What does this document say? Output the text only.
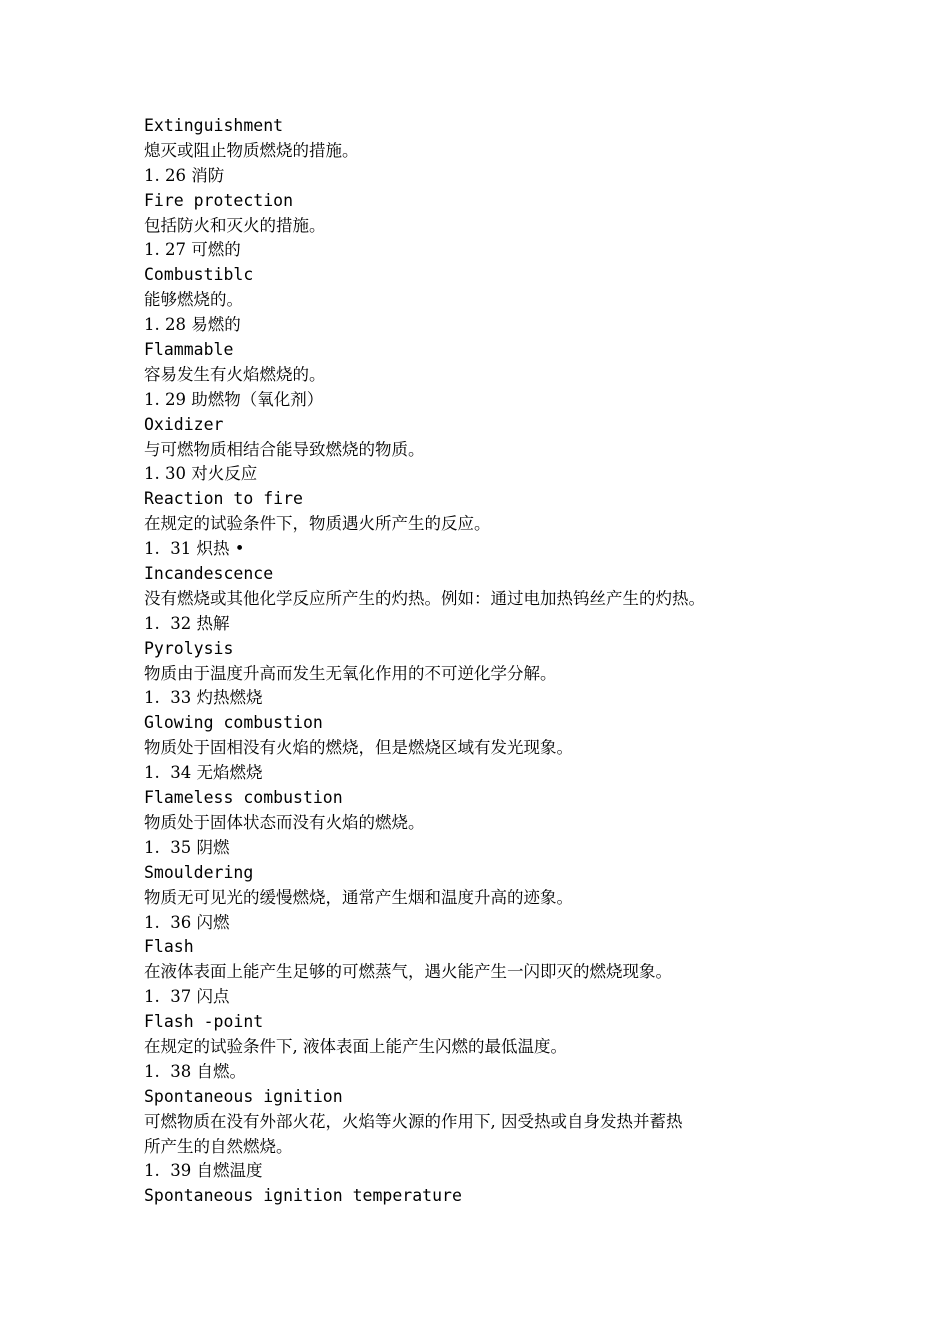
Extinguishment
熄灭或阻止物质燃烧的措施。
1. 26 消防
Fire protection
包括防火和灭火的措施。
1. 27 可燃的
Combustiblc
能够燃烧的。
1. 28 易燃的
Flammable
容易发生有火焰燃烧的。
1. 29 助燃物（氧化剂）
Oxidizer
与可燃物质相结合能导致燃烧的物质。
1. 30 对火反应
Reaction to fire
在规定的试验条件下，物质遇火所产生的反应。
1.  31 炽热 •
Incandescence
没有燃烧或其他化学反应所产生的灼热。例如：通过电加热钨丝产生的灼热。
1.  32 热解
Pyrolysis
物质由于温度升高而发生无氧化作用的不可逆化学分解。
1.  33 灼热燃烧
Glowing combustion
物质处于固相没有火焰的燃烧，但是燃烧区域有发光现象。
1.  34 无焰燃烧
Flameless combustion
物质处于固体状态而没有火焰的燃烧。
1.  35 阴燃
Smouldering
物质无可见光的缓慢燃烧，通常产生烟和温度升高的迹象。
1.  36 闪燃
Flash
在液体表面上能产生足够的可燃蒸气，遇火能产生一闪即灭的燃烧现象。
1.  37 闪点
Flash -point
在规定的试验条件下, 液体表面上能产生闪燃的最低温度。
1.  38 自燃。
Spontaneous ignition
可燃物质在没有外部火花，火焰等火源的作用下, 因受热或自身发热并蓄热
所产生的自然燃烧。
1.  39 自燃温度
Spontaneous ignition temperature
